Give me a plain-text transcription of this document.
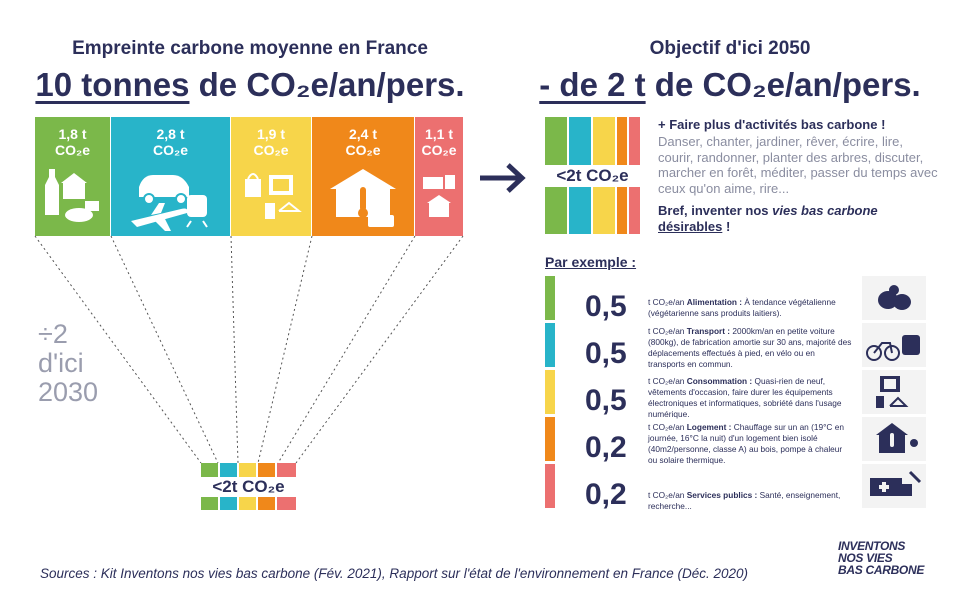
Empreinte carbone moyenne en France
10 tonnes de CO₂e/an/pers.
1,8 t
CO₂e
2,8 t
CO₂e
1,9 t
CO₂e
2,4 t
CO₂e
1,1 t
CO₂e
÷2
d'ici
2030
<2t CO₂e
Objectif d'ici 2050
- de 2 t de CO₂e/an/pers.
<2t CO₂e
+ Faire plus d'activités bas carbone !
Danser, chanter, jardiner, rêver, écrire, lire, courir, randonner, planter des arbres, discuter, marcher en forêt, méditer, passer du temps avec ceux qu'on aime, rire...
Bref, inventer nos vies bas carbone
désirables !
Par exemple :
0,5	t CO₂e/an Alimentation : À tendance végétalienne (végétarienne sans produits laitiers).
0,5
t CO₂e/an Transport : 2000km/an en petite voiture (800kg), de fabrication amortie sur 30 ans, majorité des déplacements effectués à pied, en vélo ou en transports en commun.
0,5
t CO₂e/an Consommation : Quasi-rien de neuf, vêtements d'occasion, faire durer les équipements électroniques et informatiques, sobriété dans l'usage numérique.
0,2
t CO₂e/an Logement : Chauffage sur un an (19°C en journée, 16°C la nuit) d'un logement bien isolé (40m2/personne, classe A) au bois, pompe à chaleur ou solaire thermique.
0,2	t CO₂e/an Services publics : Santé, enseignement, recherche...
Sources : Kit Inventons nos vies bas carbone (Fév. 2021), Rapport sur l'état de l'environnement en France (Déc. 2020)
INVENTONS
NOS VIES
BAS CARBONE
